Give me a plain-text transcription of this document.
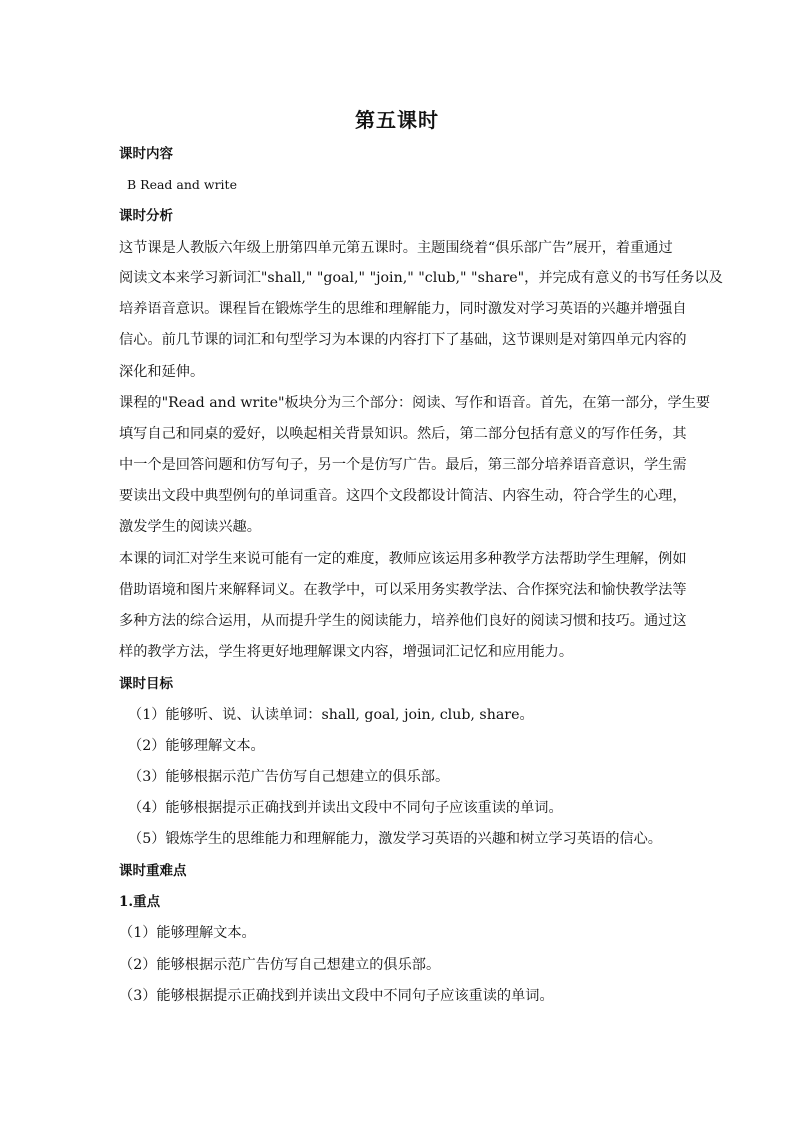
第五课时
课时内容
B Read and write
课时分析
这节课是人教版六年级上册第四单元第五课时。主题围绕着“俱乐部广告”展开，着重通过
阅读文本来学习新词汇"shall," "goal," "join," "club," "share"，并完成有意义的书写任务以及
培养语音意识。课程旨在锻炼学生的思维和理解能力，同时激发对学习英语的兴趣并增强自
信心。前几节课的词汇和句型学习为本课的内容打下了基础，这节课则是对第四单元内容的
深化和延伸。
课程的"Read and write"板块分为三个部分：阅读、写作和语音。首先，在第一部分，学生要
填写自己和同桌的爱好，以唤起相关背景知识。然后，第二部分包括有意义的写作任务，其
中一个是回答问题和仿写句子，另一个是仿写广告。最后，第三部分培养语音意识，学生需
要读出文段中典型例句的单词重音。这四个文段都设计简洁、内容生动，符合学生的心理，
激发学生的阅读兴趣。
本课的词汇对学生来说可能有一定的难度，教师应该运用多种教学方法帮助学生理解，例如
借助语境和图片来解释词义。在教学中，可以采用务实教学法、合作探究法和愉快教学法等
多种方法的综合运用，从而提升学生的阅读能力，培养他们良好的阅读习惯和技巧。通过这
样的教学方法，学生将更好地理解课文内容，增强词汇记忆和应用能力。
课时目标
（1）能够听、说、认读单词：shall, goal, join, club, share。
（2）能够理解文本。
（3）能够根据示范广告仿写自己想建立的俱乐部。
（4）能够根据提示正确找到并读出文段中不同句子应该重读的单词。
（5）锻炼学生的思维能力和理解能力，激发学习英语的兴趣和树立学习英语的信心。
课时重难点
1.重点
（1）能够理解文本。
（2）能够根据示范广告仿写自己想建立的俱乐部。
（3）能够根据提示正确找到并读出文段中不同句子应该重读的单词。
